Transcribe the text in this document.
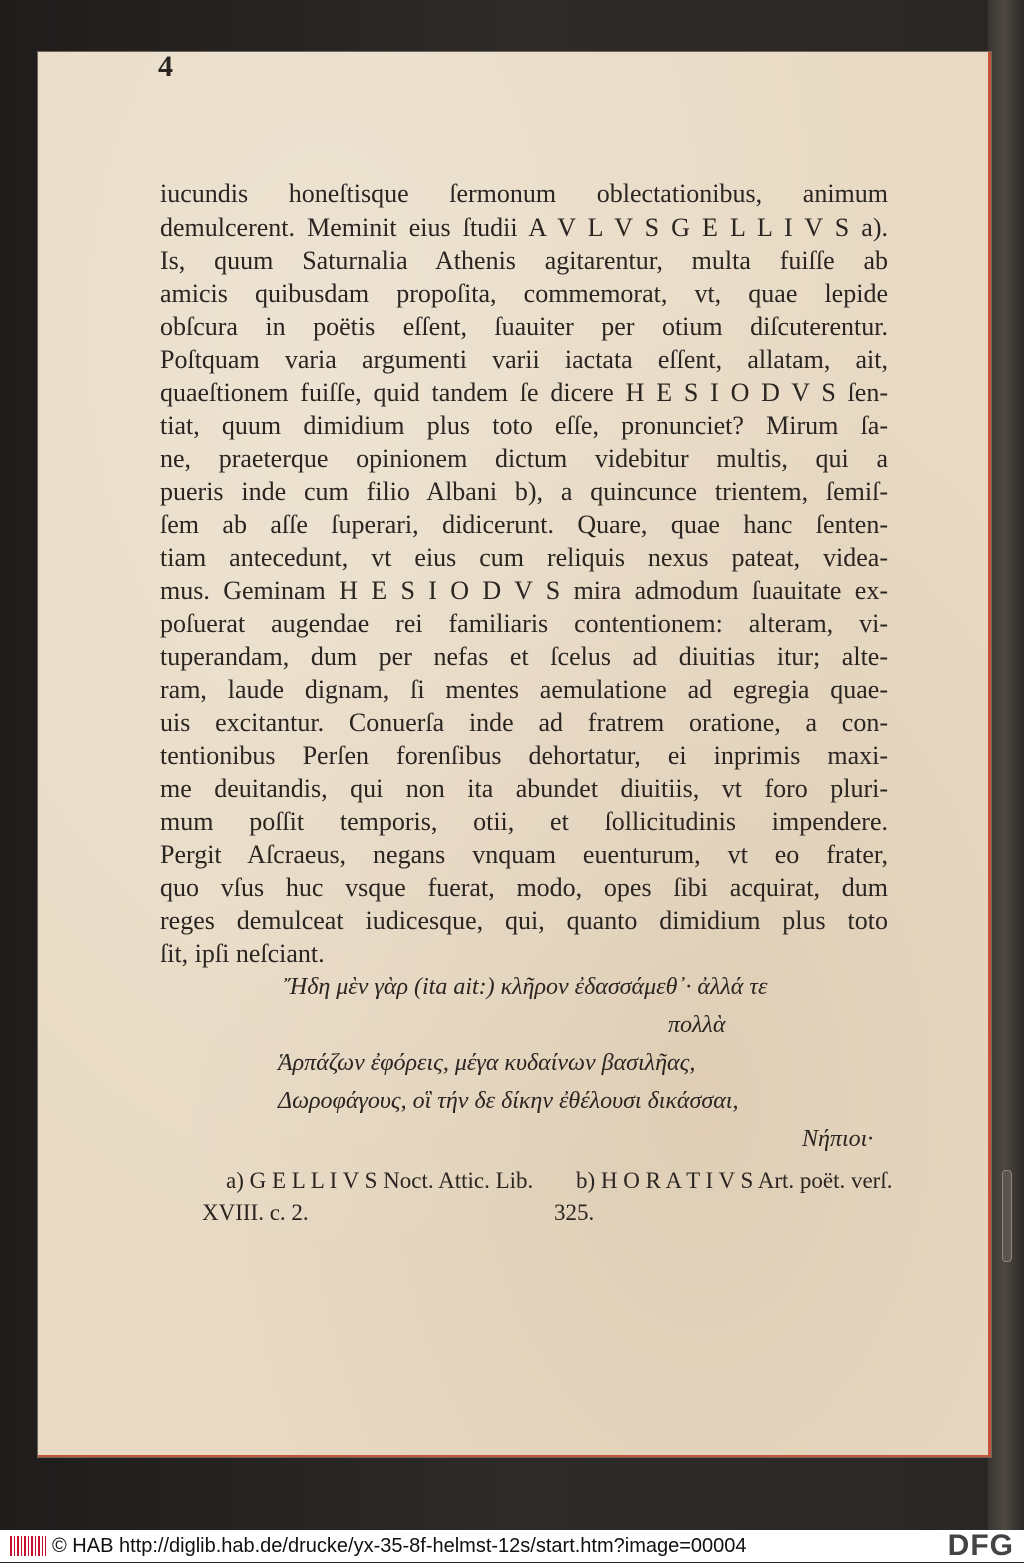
4

iucundis honeſtisque ſermonum oblectationibus, animum

demulcerent. Meminit eius ſtudii A V L V S G E L L I V S a).

Is, quum Saturnalia Athenis agitarentur, multa fuiſſe ab

amicis quibusdam propoſita, commemorat, vt, quae lepide

obſcura in poëtis eſſent, ſuauiter per otium diſcuterentur.

Poſtquam varia argumenti varii iactata eſſent, allatam, ait,

quaeſtionem fuiſſe, quid tandem ſe dicere H E S I O D V S ſen-

tiat, quum dimidium plus toto eſſe, pronunciet? Mirum ſa-

ne, praeterque opinionem dictum videbitur multis, qui a

pueris inde cum filio Albani b), a quincunce trientem, ſemiſ-

ſem ab aſſe ſuperari, didicerunt. Quare, quae hanc ſenten-

tiam antecedunt, vt eius cum reliquis nexus pateat, videa-

mus. Geminam H E S I O D V S mira admodum ſuauitate ex-

poſuerat augendae rei familiaris contentionem: alteram, vi-

tuperandam, dum per nefas et ſcelus ad diuitias itur; alte-

ram, laude dignam, ſi mentes aemulatione ad egregia quae-

uis excitantur. Conuerſa inde ad fratrem oratione, a con-

tentionibus Perſen forenſibus dehortatur, ei inprimis maxi-

me deuitandis, qui non ita abundet diuitiis, vt foro pluri-

mum poſſit temporis, otii, et ſollicitudinis impendere.

Pergit Aſcraeus, negans vnquam euenturum, vt eo frater,

quo vſus huc vsque fuerat, modo, opes ſibi acquirat, dum

reges demulceat iudicesque, qui, quanto dimidium plus toto

ſit, ipſi neſciant.

Ἤδη μὲν γὰρ (ita ait:) κλῆρον ἐδασσάμεθ᾽· ἀλλά τε

πολλὰ

Ἁρπάζων ἐφόρεις, μέγα κυδαίνων βασιλῆας,

Δωροφάγους, οἳ τήν δε δίκην ἐθέλουσι δικάσσαι,

Νήπιοι·

a) G E L L I V S Noct. Attic. Lib.

XVIII. c. 2.

b) H O R A T I V S Art. poët. verſ.

325.

© HAB http://diglib.hab.de/drucke/yx-35-8f-helmst-12s/start.htm?image=00004	DFG
